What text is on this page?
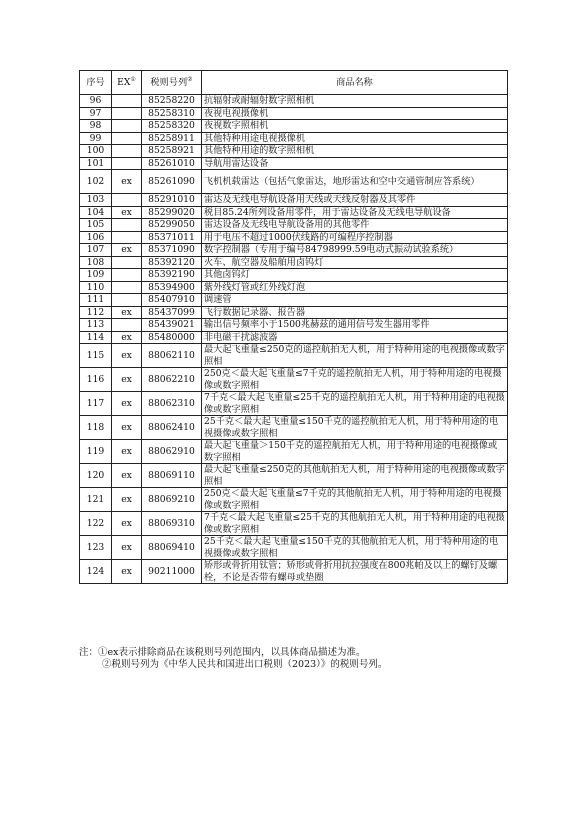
序号	EX①	税则号列②	商品名称
96		85258220	抗辐射或耐辐射数字照相机
97		85258310	夜视电视摄像机
98		85258320	夜视数字照相机
99		85258911	其他特种用途电视摄像机
100		85258921	其他特种用途的数字照相机
101		85261010	导航用雷达设备
102	ex	85261090	飞机机载雷达（包括气象雷达，地形雷达和空中交通管制应答系统）
103		85291010	雷达及无线电导航设备用天线或天线反射器及其零件
104	ex	85299020	税目85.24所列设备用零件，用于雷达设备及无线电导航设备
105		85299050	雷达设备及无线电导航设备用的其他零件
106		85371011	用于电压不超过1000伏线路的可编程序控制器
107	ex	85371090	数字控制器（专用于编号84798999.59电动式振动试验系统）
108		85392120	火车、航空器及船舶用卤钨灯
109		85392190	其他卤钨灯
110		85394900	紫外线灯管或红外线灯泡
111		85407910	调速管
112	ex	85437099	飞行数据记录器、报告器
113		85439021	输出信号频率小于1500兆赫兹的通用信号发生器用零件
114	ex	85480000	非电磁干扰滤波器
115	ex	88062110	最大起飞重量≤250克的遥控航拍无人机，用于特种用途的电视摄像或数字照相
116	ex	88062210	250克＜最大起飞重量≤7千克的遥控航拍无人机，用于特种用途的电视摄像或数字照相
117	ex	88062310	7千克＜最大起飞重量≤25千克的遥控航拍无人机，用于特种用途的电视摄像或数字照相
118	ex	88062410	25千克＜最大起飞重量≤150千克的遥控航拍无人机，用于特种用途的电视摄像或数字照相
119	ex	88062910	最大起飞重量＞150千克的遥控航拍无人机，用于特种用途的电视摄像或数字照相
120	ex	88069110	最大起飞重量≤250克的其他航拍无人机，用于特种用途的电视摄像或数字照相
121	ex	88069210	250克＜最大起飞重量≤7千克的其他航拍无人机，用于特种用途的电视摄像或数字照相
122	ex	88069310	7千克＜最大起飞重量≤25千克的其他航拍无人机，用于特种用途的电视摄像或数字照相
123	ex	88069410	25千克＜最大起飞重量≤150千克的其他航拍无人机，用于特种用途的电视摄像或数字照相
124	ex	90211000	矫形或骨折用钛管；矫形或骨折用抗拉强度在800兆帕及以上的螺钉及螺栓，不论是否带有螺母或垫圈
注：①ex表示排除商品在该税则号列范围内，以具体商品描述为准。
②税则号列为《中华人民共和国进出口税则（2023）》的税则号列。
